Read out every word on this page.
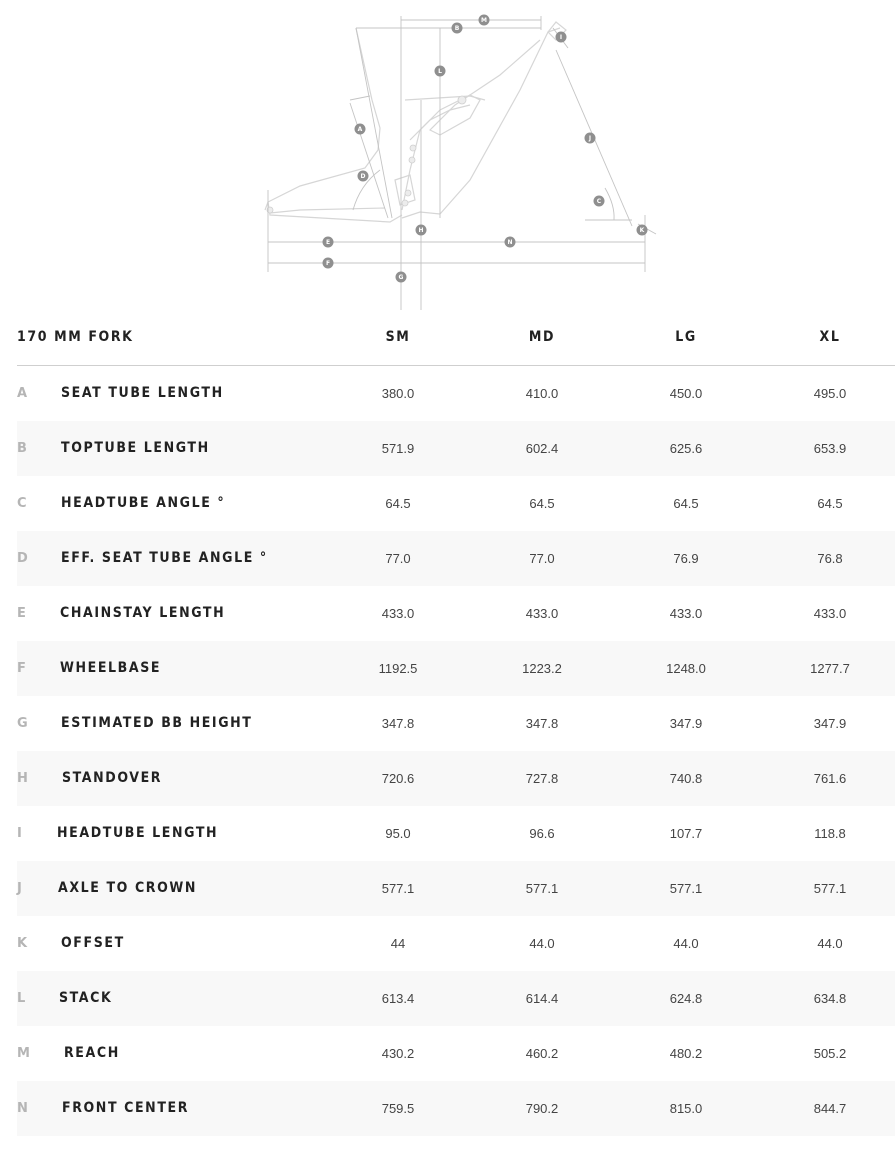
A
B
C
D
E
F
G
H
I
J
K
L
M
N
170 MM FORK	SM	MD	LG	XL
A SEAT TUBE LENGTH	380.0	410.0	450.0	495.0
B TOPTUBE LENGTH	571.9	602.4	625.6	653.9
C HEADTUBE ANGLE °	64.5	64.5	64.5	64.5
D EFF. SEAT TUBE ANGLE °	77.0	77.0	76.9	76.8
E CHAINSTAY LENGTH	433.0	433.0	433.0	433.0
F WHEELBASE	1192.5	1223.2	1248.0	1277.7
G ESTIMATED BB HEIGHT	347.8	347.8	347.9	347.9
H STANDOVER	720.6	727.8	740.8	761.6
I	HEADTUBE LENGTH	95.0	96.6	107.7	118.8
J	AXLE TO CROWN	577.1	577.1	577.1	577.1
K OFFSET	44	44.0	44.0	44.0
L STACK	613.4	614.4	624.8	634.8
M REACH	430.2	460.2	480.2	505.2
N FRONT CENTER	759.5	790.2	815.0	844.7
